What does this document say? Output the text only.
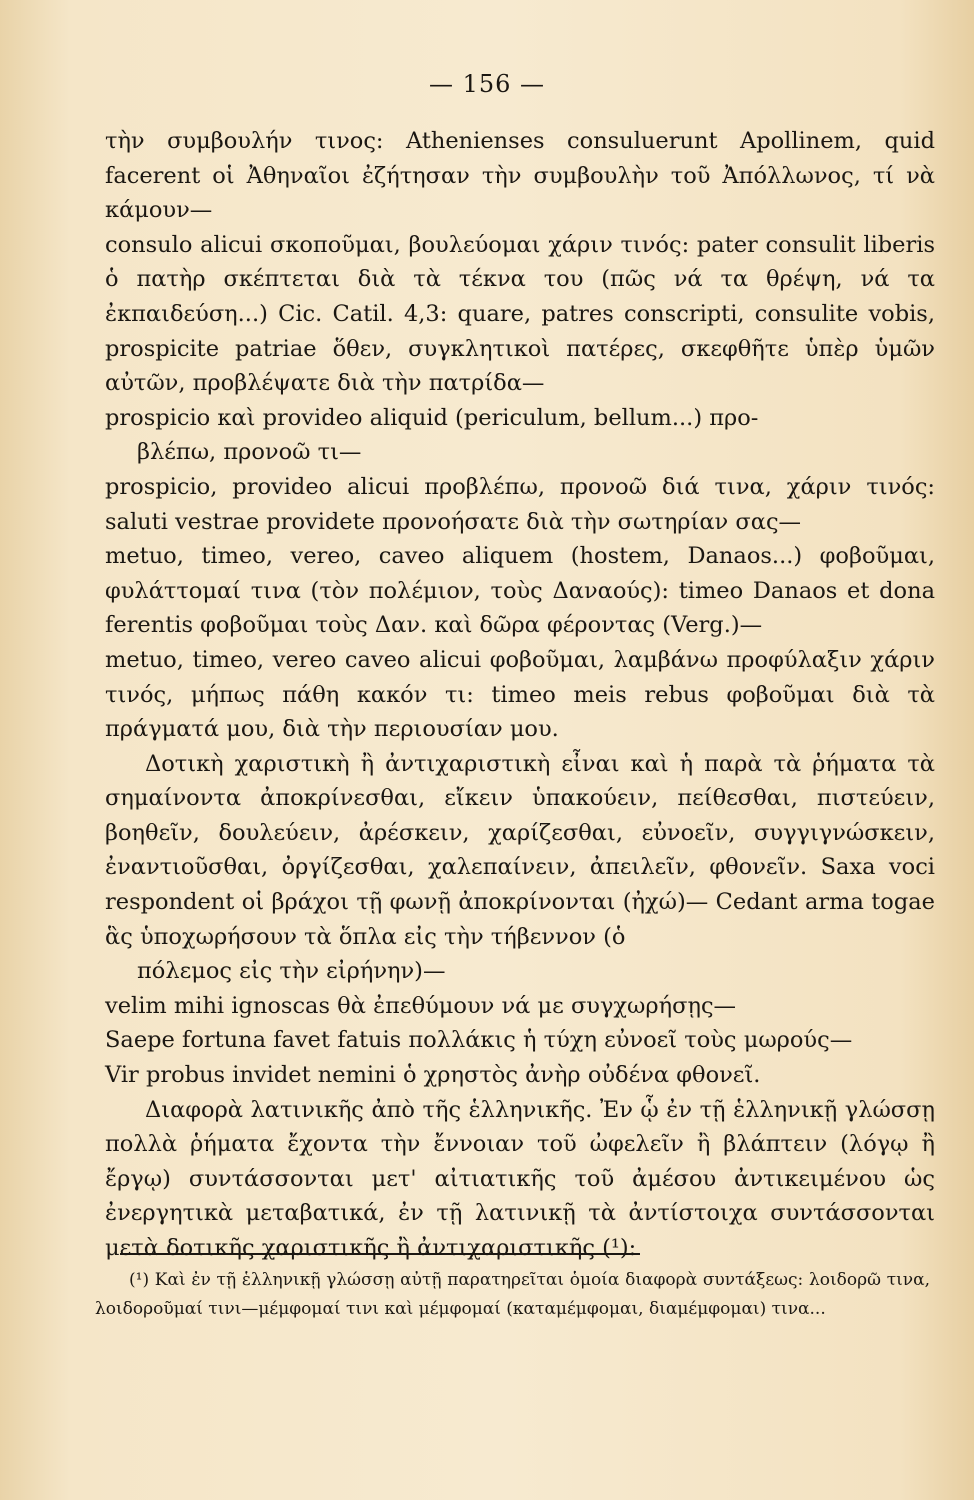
— 156 —

τὴν συμβουλήν τινος: Athenienses consuluerunt Apollinem, quid facerent οἱ Ἀθηναῖοι ἐζήτησαν τὴν συμβουλὴν τοῦ Ἀπόλλωνος, τί νὰ κάμουν—

consulo alicui σκοποῦμαι, βουλεύομαι χάριν τινός: pater consulit liberis ὁ πατὴρ σκέπτεται διὰ τὰ τέκνα του (πῶς νά τα θρέψη, νά τα ἐκπαιδεύση...) Cic. Catil. 4,3: quare, patres conscripti, consulite vobis, prospicite patriae ὅθεν, συγκλητικοὶ πατέρες, σκεφθῆτε ὑπὲρ ὑμῶν αὐτῶν, προβλέψατε διὰ τὴν πατρίδα—

prospicio καὶ provideo aliquid (periculum, bellum...) προ-

βλέπω, προνοῶ τι—

prospicio, provideo alicui προβλέπω, προνοῶ διά τινα, χάριν τινός: saluti vestrae providete προνοήσατε διὰ τὴν σωτηρίαν σας—

metuo, timeo, vereo, caveo aliquem (hostem, Danaos...) φοβοῦμαι, φυλάττομαί τινα (τὸν πολέμιον, τοὺς Δαναούς): timeo Danaos et dona ferentis φοβοῦμαι τοὺς Δαν. καὶ δῶρα φέροντας (Verg.)—

metuo, timeo, vereo caveo alicui φοβοῦμαι, λαμβάνω προφύλαξιν χάριν τινός, μήπως πάθη κακόν τι: timeo meis rebus φοβοῦμαι διὰ τὰ πράγματά μου, διὰ τὴν περιουσίαν μου.

Δοτικὴ χαριστικὴ ἢ ἀντιχαριστικὴ εἶναι καὶ ἡ παρὰ τὰ ῥήματα τὰ σημαίνοντα ἀποκρίνεσθαι, εἴκειν ὑπακούειν, πείθεσθαι, πιστεύειν, βοηθεῖν, δουλεύειν, ἀρέσκειν, χαρίζεσθαι, εὐνοεῖν, συγγιγνώσκειν, ἐναντιοῦσθαι, ὀργίζεσθαι, χαλεπαίνειν, ἀπειλεῖν, φθονεῖν. Saxa voci respondent οἱ βράχοι τῇ φωνῇ ἀποκρίνονται (ἠχώ)— Cedant arma togae ἃς ὑποχωρήσουν τὰ ὅπλα εἰς τὴν τήβεννον (ὁ

πόλεμος εἰς τὴν εἰρήνην)—

velim mihi ignoscas θὰ ἐπεθύμουν νά με συγχωρήσῃς—

Saepe fortuna favet fatuis πολλάκις ἡ τύχη εὐνοεῖ τοὺς μωρούς—

Vir probus invidet nemini ὁ χρηστὸς ἀνὴρ οὐδένα φθονεῖ.

Διαφορὰ λατινικῆς ἀπὸ τῆς ἑλληνικῆς. Ἐν ᾧ ἐν τῇ ἑλληνικῇ γλώσσῃ πολλὰ ῥήματα ἔχοντα τὴν ἔννοιαν τοῦ ὠφελεῖν ἢ βλάπτειν (λόγῳ ἢ ἔργῳ) συντάσσονται μετ' αἰτιατικῆς τοῦ ἀμέσου ἀντικειμένου ὡς ἐνεργητικὰ μεταβατικά, ἐν τῇ λατινικῇ τὰ ἀντίστοιχα συντάσσονται μετὰ δοτικῆς χαριστικῆς ἢ ἀντιχαριστικῆς (¹):

(¹) Καὶ ἐν τῇ ἑλληνικῇ γλώσσῃ αὐτῇ παρατηρεῖται ὁμοία διαφορὰ συντάξεως: λοιδορῶ τινα, λοιδοροῦμαί τινι—μέμφομαί τινι καὶ μέμφομαί (καταμέμφομαι, διαμέμφομαι) τινα...
